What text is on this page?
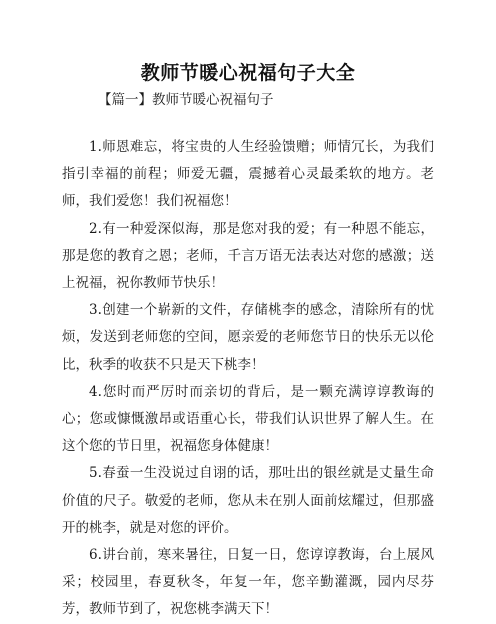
教师节暖心祝福句子大全
【篇一】教师节暖心祝福句子

1.师恩难忘，将宝贵的人生经验馈赠；师情冗长，为我们指引幸福的前程；师爱无疆，震撼着心灵最柔软的地方。老师，我们爱您！我们祝福您！

2.有一种爱深似海，那是您对我的爱；有一种恩不能忘，那是您的教育之恩；老师，千言万语无法表达对您的感激；送上祝福，祝你教师节快乐！

3.创建一个崭新的文件，存储桃李的感念，清除所有的忧烦，发送到老师您的空间，愿亲爱的老师您节日的快乐无以伦比，秋季的收获不只是天下桃李！

4.您时而严厉时而亲切的背后，是一颗充满谆谆教诲的心；您或慷慨激昂或语重心长，带我们认识世界了解人生。在这个您的节日里，祝福您身体健康！

5.春蚕一生没说过自诩的话，那吐出的银丝就是丈量生命价值的尺子。敬爱的老师，您从未在别人面前炫耀过，但那盛开的桃李，就是对您的评价。

6.讲台前，寒来暑往，日复一日，您谆谆教诲，台上展风采；校园里，春夏秋冬，年复一年，您辛勤灌溉，园内尽芬芳，教师节到了，祝您桃李满天下！
